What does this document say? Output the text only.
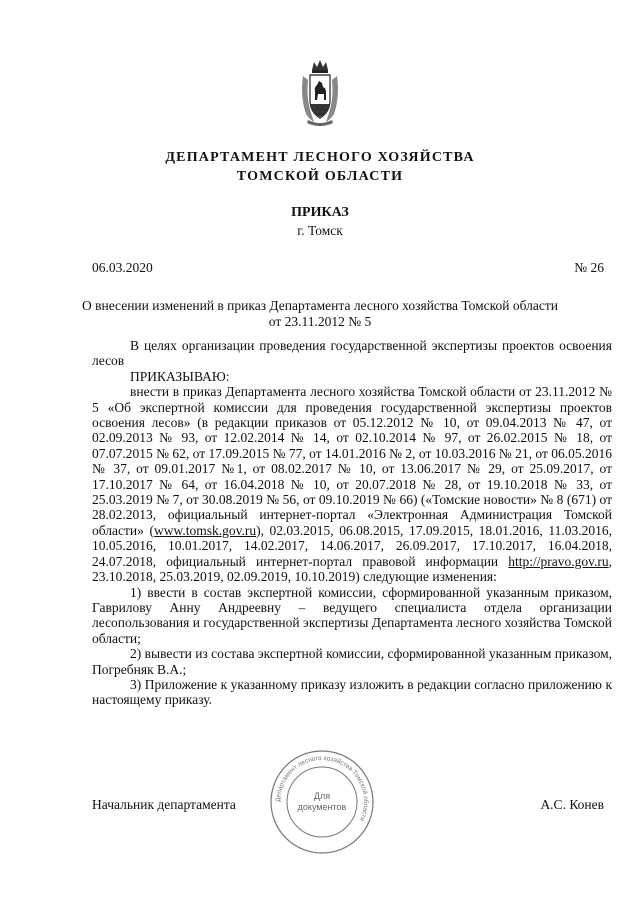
ДЕПАРТАМЕНТ ЛЕСНОГО ХОЗЯЙСТВА
ТОМСКОЙ ОБЛАСТИ
ПРИКАЗ
г. Томск
06.03.2020	№ 26
О внесении изменений в приказ Департамента лесного хозяйства Томской области
от 23.11.2012 № 5

В целях организации проведения государственной экспертизы проектов освоения лесов

ПРИКАЗЫВАЮ:

внести в приказ Департамента лесного хозяйства Томской области от 23.11.2012 № 5 «Об экспертной комиссии для проведения государственной экспертизы проектов освоения лесов» (в редакции приказов от 05.12.2012 № 10, от 09.04.2013 № 47, от 02.09.2013 № 93, от 12.02.2014 № 14, от 02.10.2014 № 97, от 26.02.2015 № 18, от 07.07.2015 № 62, от 17.09.2015 № 77, от 14.01.2016 № 2, от 10.03.2016 № 21, от 06.05.2016 № 37, от 09.01.2017 №1, от 08.02.2017 № 10, от 13.06.2017 № 29, от 25.09.2017, от 17.10.2017 № 64, от 16.04.2018 № 10, от 20.07.2018 № 28, от 19.10.2018 № 33, от 25.03.2019 № 7, от 30.08.2019 № 56, от 09.10.2019 № 66) («Томские новости» № 8 (671) от 28.02.2013, официальный интернет-портал «Электронная Администрация Томской области» (www.tomsk.gov.ru), 02.03.2015, 06.08.2015, 17.09.2015, 18.01.2016, 11.03.2016, 10.05.2016, 10.01.2017, 14.02.2017, 14.06.2017, 26.09.2017, 17.10.2017, 16.04.2018, 24.07.2018, официальный интернет-портал правовой информации http://pravo.gov.ru, 23.10.2018, 25.03.2019, 02.09.2019, 10.10.2019) следующие изменения:

1) ввести в состав экспертной комиссии, сформированной указанным приказом, Гаврилову Анну Андреевну – ведущего специалиста отдела организации лесопользования и государственной экспертизы Департамента лесного хозяйства Томской области;

2) вывести из состава экспертной комиссии, сформированной указанным приказом, Погребняк В.А.;

3) Приложение к указанному приказу изложить в редакции согласно приложению к настоящему приказу.

Начальник департамента	А.С. Конев
Департамент лесного хозяйства Томской области
Для
документов
